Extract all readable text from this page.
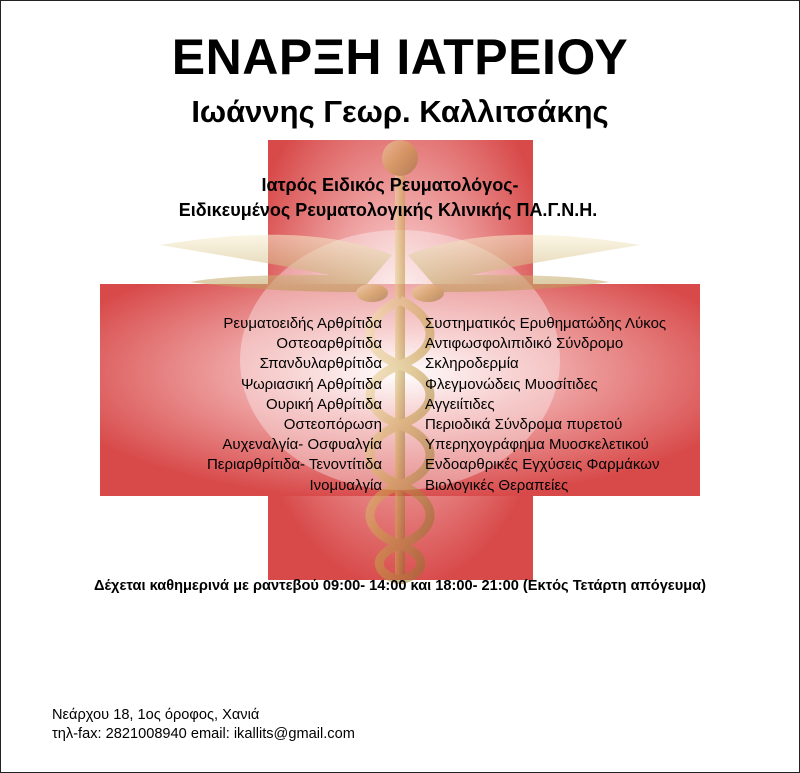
ΕΝΑΡΞΗ ΙΑΤΡΕΙΟΥ
Ιωάννης Γεωρ. Καλλιτσάκης
Ιατρός Ειδικός Ρευματολόγος-
Ειδικευμένος Ρευματολογικής Κλινικής ΠΑ.Γ.Ν.Η.
Ρευματοειδής Αρθρίτιδα
Οστεοαρθρίτιδα
Σπανδυλαρθρίτιδα
Ψωριασική Αρθρίτιδα
Ουρική Αρθρίτιδα
Οστεοπόρωση
Αυχεναλγία- Οσφυαλγία
Περιαρθρίτιδα- Τενοντίτιδα
Ινομυαλγία
Συστηματικός Ερυθηματώδης Λύκος
Αντιφωσφολιπιδικό Σύνδρομο
Σκληροδερμία
Φλεγμονώδεις Μυοσίτιδες
Αγγειίτιδες
Περιοδικά Σύνδρομα πυρετού
Υπερηχογράφημα Μυοσκελετικού
Ενδοαρθρικές Εγχύσεις Φαρμάκων
Βιολογικές Θεραπείες
Δέχεται καθημερινά με ραντεβού 09:00- 14:00 και 18:00- 21:00 (Εκτός Τετάρτη απόγευμα)
Νεάρχου 18, 1ος όροφος, Χανιά
τηλ-fax: 2821008940 email: ikallits@gmail.com
